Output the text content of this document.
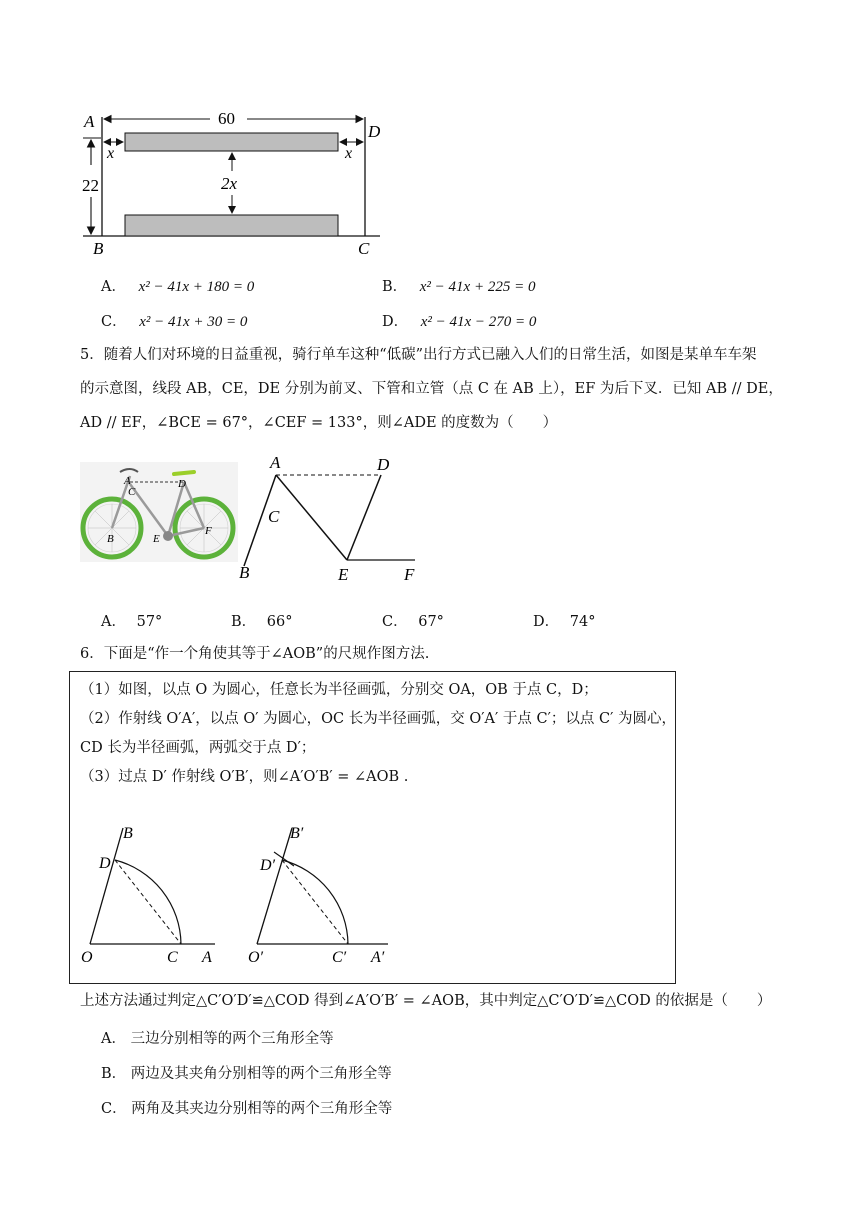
60
22
x	x
2x
A
D
B	C
A． x² − 41x + 180 = 0	B． x² − 41x + 225 = 0
C． x² − 41x + 30 = 0	D． x² − 41x − 270 = 0
5．随着人们对环境的日益重视，骑行单车这种“低碳”出行方式已融入人们的日常生活，如图是某单车车架
的示意图，线段 AB，CE，DE 分别为前叉、下管和立管（点 C 在 AB 上），EF 为后下叉．已知 AB // DE，
AD // EF，∠BCE = 67°，∠CEF = 133°，则∠ADE 的度数为（　　）
A	D
C
B	E
F
A	D
C
B	E	F
A． 57°	B． 66°	C． 67°	D． 74°
6．下面是“作一个角使其等于∠AOB”的尺规作图方法.
（1）如图，以点 O 为圆心，任意长为半径画弧，分别交 OA，OB 于点 C，D；
（2）作射线 O′A′，以点 O′ 为圆心，OC 长为半径画弧，交 O′A′ 于点 C′；以点 C′ 为圆心，
CD 长为半径画弧，两弧交于点 D′；
（3）过点 D′ 作射线 O′B′，则∠A′O′B′ = ∠AOB .
O	A
B
C
D
O′	A′
B′
C′
D′
上述方法通过判定△C′O′D′≌△COD 得到∠A′O′B′ = ∠AOB，其中判定△C′O′D′≌△COD 的依据是（　　）
A． 三边分别相等的两个三角形全等
B． 两边及其夹角分别相等的两个三角形全等
C． 两角及其夹边分别相等的两个三角形全等
